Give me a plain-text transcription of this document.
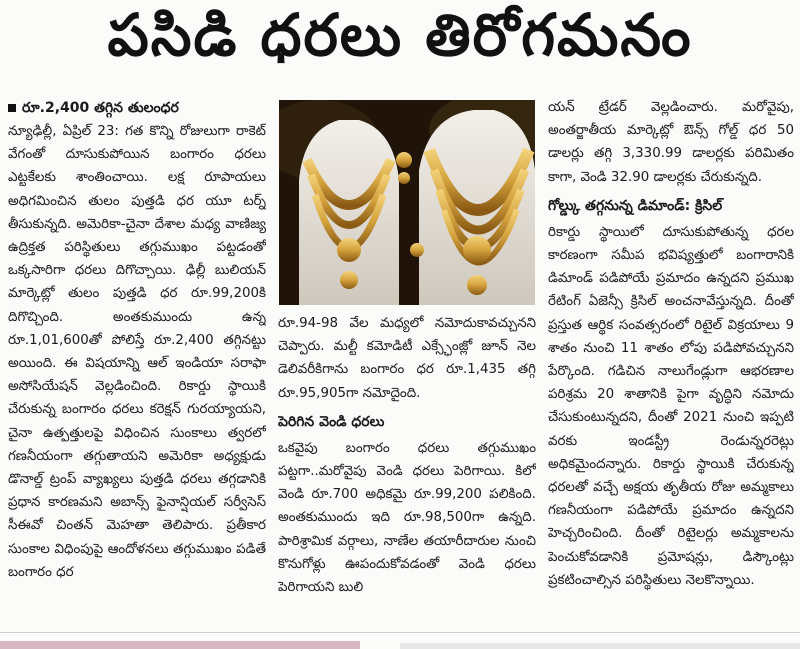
పసిడి ధరలు తిరోగమనం
రూ.2,400 తగ్గిన తులంధర

న్యూఢిల్లీ, ఏప్రిల్ 23: గత కొన్ని రోజులుగా రాకెట్ వేగంతో దూసుకుపోయిన బంగారం ధరలు ఎట్టకేలకు శాంతించాయి. లక్ష రూపాయలు అధిగమించిన తులం పుత్తడి ధర యూ టర్న్ తీసుకున్నది. అమెరికా-చైనా దేశాల మధ్య వాణిజ్య ఉద్రిక్తత పరిస్థితులు తగ్గుముఖం పట్టడంతో ఒక్కసారిగా ధరలు దిగొచ్చాయి. ఢిల్లీ బులియన్ మార్కెట్లో తులం పుత్తడి ధర రూ.99,200కి దిగొచ్చింది. అంతకుముందు ఉన్న రూ.1,01,600తో పోలిస్తే రూ.2,400 తగ్గినట్టు అయింది. ఈ విషయాన్ని ఆల్ ఇండియా సరాఫా అసోసియేషన్ వెల్లడించింది. రికార్డు స్థాయికి చేరుకున్న బంగారం ధరలు కరెక్షన్ గురయ్యాయని, చైనా ఉత్పత్తులపై విధించిన సుంకాలు త్వరలో గణనీయంగా తగ్గుతాయని అమెరికా అధ్యక్షుడు డొనాల్డ్ ట్రంప్ వ్యాఖ్యలు పుత్తడి ధరలు తగ్గడానికి ప్రధాన కారణమని అబాన్స్ ఫైనాన్షియల్ సర్వీసెస్ సీఈవో చింతన్ మెహతా తెలిపారు. ప్రతీకార సుంకాల విధింపుపై ఆందోళనలు తగ్గుముఖం పడితే బంగారం ధర

రూ.94-98 వేల మధ్యలో నమోదుకావచ్చునని చెప్పారు. మల్టీ కమోడిటీ ఎక్స్ఛేంజ్లో జూన్ నెల డెలివరీకిగాను బంగారం ధర రూ.1,435 తగ్గి రూ.95,905గా నమోదైంది.

పెరిగిన వెండి ధరలు

ఒకవైపు బంగారం ధరలు తగ్గుముఖం పట్టగా..మరోవైపు వెండి ధరలు పెరిగాయి. కిలో వెండి రూ.700 అధికమై రూ.99,200 పలికింది. అంతకుముందు ఇది రూ.98,500గా ఉన్నది. పారిశ్రామిక వర్గాలు, నాణేల తయారీదారుల నుంచి కొనుగోళ్లు ఊపందుకోవడంతో వెండి ధరలు పెరిగాయని బులి

యన్ ట్రేడర్ వెల్లడించారు. మరోవైపు, అంతర్జాతీయ మార్కెట్లో ఔన్స్ గోల్డ్ ధర 50 డాలర్లు తగ్గి 3,330.99 డాలర్లకు పరిమితం కాగా, వెండి 32.90 డాలర్లకు చేరుకున్నది.

గోల్డ్కు తగ్గనున్న డిమాండ్: క్రిసిల్

రికార్డు స్థాయిలో దూసుకుపోతున్న ధరల కారణంగా సమీప భవిష్యత్తులో బంగారానికి డిమాండ్ పడిపోయే ప్రమాదం ఉన్నదని ప్రముఖ రేటింగ్ ఏజెన్సీ క్రిసిల్ అంచనావేస్తున్నది. దీంతో ప్రస్తుత ఆర్థిక సంవత్సరంలో రిటైల్ విక్రయాలు 9 శాతం నుంచి 11 శాతం లోపు పడిపోవచ్చునని పేర్కొంది. గడిచిన నాలుగేండ్లుగా ఆభరణాల పరిశ్రమ 20 శాతానికి పైగా వృద్ధిని నమోదు చేసుకుంటున్నదని, దీంతో 2021 నుంచి ఇప్పటి వరకు ఇండస్ట్రీ రెండున్నరరెట్లు అధికమైందన్నారు. రికార్డు స్థాయికి చేరుకున్న ధరలతో వచ్చే అక్షయ తృతీయ రోజు అమ్మకాలు గణనీయంగా పడిపోయే ప్రమాదం ఉన్నదని హెచ్చరించింది. దీంతో రిటైలర్లు అమ్మకాలను పెంచుకోవడానికి ప్రమోషన్లు, డిస్కౌంట్లు ప్రకటించాల్సిన పరిస్థితులు నెలకొన్నాయి.
